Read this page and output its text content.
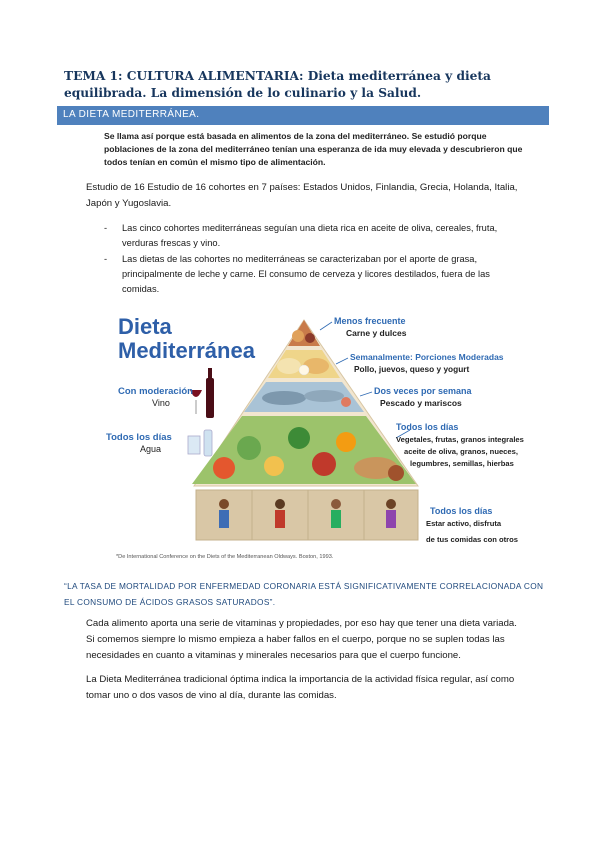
TEMA 1: CULTURA ALIMENTARIA: Dieta mediterránea y dieta equilibrada. La dimensión de lo culinario y la Salud.
LA DIETA MEDITERRÁNEA.
Se llama así porque está basada en alimentos de la zona del mediterráneo. Se estudió porque poblaciones de la zona del mediterráneo tenían una esperanza de ida muy elevada y descubrieron que todos tenían en común el mismo tipo de alimentación.
Estudio de 16 Estudio de 16 cohortes en 7 países: Estados Unidos, Finlandia, Grecia, Holanda, Italia, Japón y Yugoslavia.
- Las cinco cohortes mediterráneas seguían una dieta rica en aceite de oliva, cereales, fruta, verduras frescas y vino.
- Las dietas de las cohortes no mediterráneas se caracterizaban por el aporte de grasa, principalmente de leche y carne. El consumo de cerveza y licores destilados, fuera de las comidas.
Dieta
Mediterránea
Con moderación
Vino
Todos los días
Agua
Menos frecuente
Carne y dulces
Semanalmente: Porciones Moderadas
Pollo, juevos, queso y yogurt
Dos veces por semana
Pescado y mariscos
Todos los días
Vegetales, frutas, granos integrales,
aceite de oliva, granos, nueces,
legumbres, semillas, hierbas
Todos los días
Estar activo, disfruta
de tus comidas con otros
*De International Conference on the Diets of the Mediterranean Oldways. Boston, 1993.
“LA TASA DE MORTALIDAD POR ENFERMEDAD CORONARIA ESTÁ SIGNIFICATIVAMENTE CORRELACIONADA CON EL CONSUMO DE ÁCIDOS GRASOS SATURADOS”.
Cada alimento aporta una serie de vitaminas y propiedades, por eso hay que tener una dieta variada. Si comemos siempre lo mismo empieza a haber fallos en el cuerpo, porque no se suplen todas las necesidades en cuanto a vitaminas y minerales necesarios para que el cuerpo funcione.
La Dieta Mediterránea tradicional óptima indica la importancia de la actividad física regular, así como tomar uno o dos vasos de vino al día, durante las comidas.
